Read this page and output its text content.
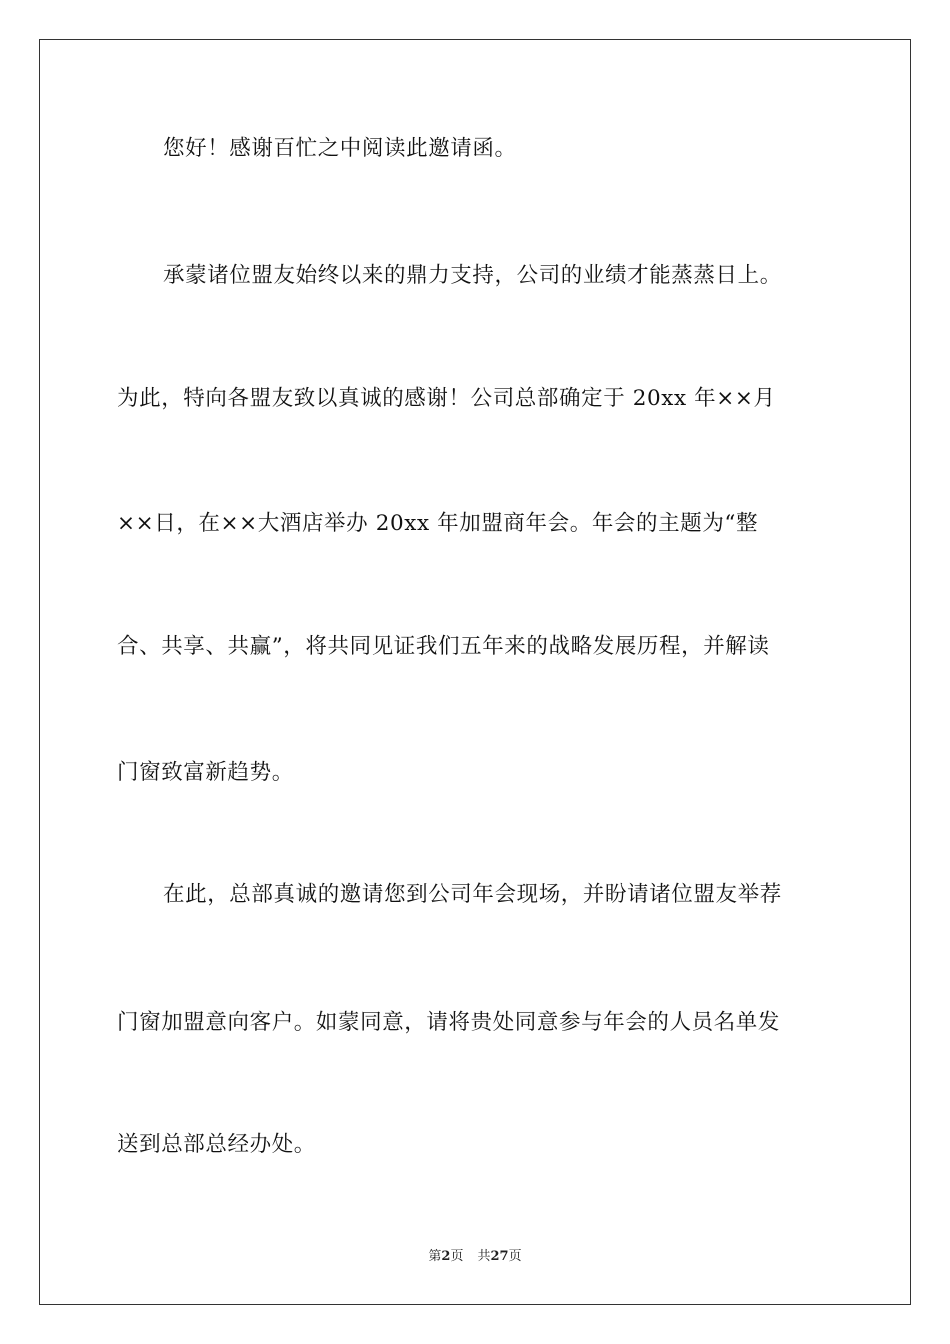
您好！感谢百忙之中阅读此邀请函。
承蒙诸位盟友始终以来的鼎力支持，公司的业绩才能蒸蒸日上。
为此，特向各盟友致以真诚的感谢！公司总部确定于 20xx 年××月
××日，在××大酒店举办 20xx 年加盟商年会。年会的主题为“整
合、共享、共赢”，将共同见证我们五年来的战略发展历程，并解读
门窗致富新趋势。
在此，总部真诚的邀请您到公司年会现场，并盼请诸位盟友举荐
门窗加盟意向客户。如蒙同意，请将贵处同意参与年会的人员名单发
送到总部总经办处。
第2页 共27页
